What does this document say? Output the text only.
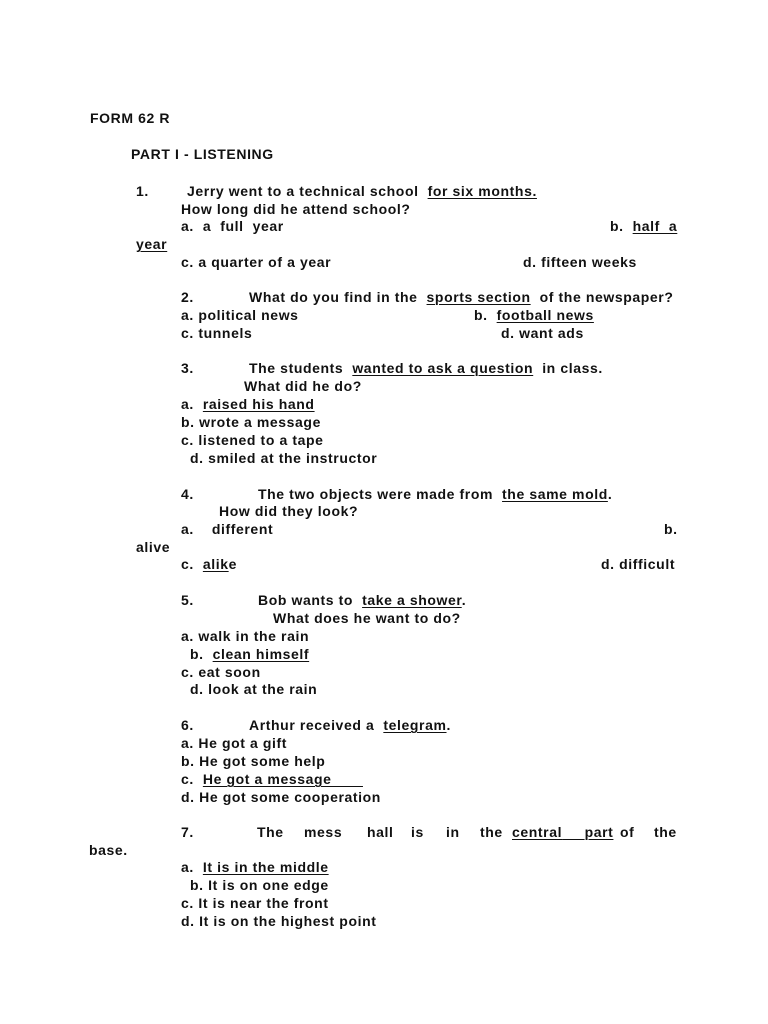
FORM 62 R
PART I - LISTENING
1.	Jerry went to a technical school for six months.
How long did he attend school?
a.  a  full  year	b. half  a
year
c. a quarter of a year	d. fifteen weeks
2.	What do you find in the sports section of the newspaper?
a. political news	b. football news
c. tunnels	d. want ads
3.	The students wanted to ask a question in class.
What did he do?
a. raised his hand
b. wrote a message
c. listened to a tape
d. smiled at the instructor
4.	The two objects were made from the same mold.
How did they look?
a.    different	b.
alive
c. alike	d. difficult
5.	Bob wants to take a shower.
What does he want to do?
a. walk in the rain
b. clean himself
c. eat soon
d. look at the rain
6.	Arthur received a telegram.
a. He got a gift
b. He got some help
c. He got a message
d. He got some cooperation
7.	The mess hall is in the central part of the
base.
a. It is in the middle
b. It is on one edge
c. It is near the front
d. It is on the highest point
